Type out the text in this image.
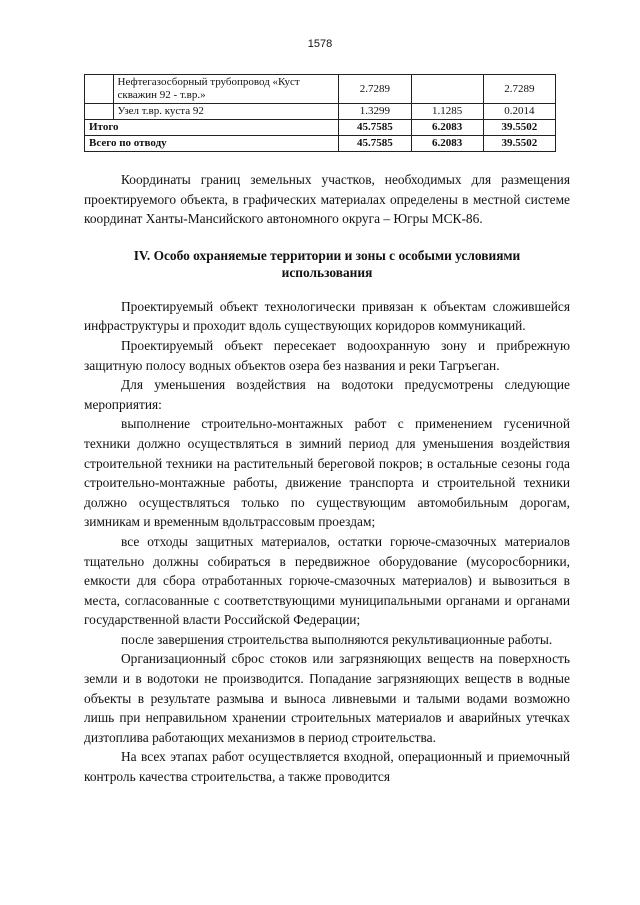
1578
	Нефтегазосборный трубопровод «Куст скважин 92 - т.вр.»	2.7289		2.7289
	Узел т.вр. куста 92	1.3299	1.1285	0.2014
Итого		45.7585	6.2083	39.5502
Всего по отводу		45.7585	6.2083	39.5502

Координаты границ земельных участков, необходимых для размещения проектируемого объекта, в графических материалах определены в местной системе координат Ханты-Мансийского автономного округа – Югры МСК-86.

IV. Особо охраняемые территории и зоны с особыми условиями использования

Проектируемый объект технологически привязан к объектам сложившейся инфраструктуры и проходит вдоль существующих коридоров коммуникаций.

Проектируемый объект пересекает водоохранную зону и прибрежную защитную полосу водных объектов озера без названия и реки Тагръеган.

Для уменьшения воздействия на водотоки предусмотрены следующие мероприятия:

выполнение строительно-монтажных работ с применением гусеничной техники должно осуществляться в зимний период для уменьшения воздействия строительной техники на растительный береговой покров; в остальные сезоны года строительно-монтажные работы, движение транспорта и строительной техники должно осуществляться только по существующим автомобильным дорогам, зимникам и временным вдольтрассовым проездам;

все отходы защитных материалов, остатки горюче-смазочных материалов тщательно должны собираться в передвижное оборудование (мусоросборники, емкости для сбора отработанных горюче-смазочных материалов) и вывозиться в места, согласованные с соответствующими муниципальными органами и органами государственной власти Российской Федерации;

после завершения строительства выполняются рекультивационные работы.

Организационный сброс стоков или загрязняющих веществ на поверхность земли и в водотоки не производится. Попадание загрязняющих веществ в водные объекты в результате размыва и выноса ливневыми и талыми водами возможно лишь при неправильном хранении строительных материалов и аварийных утечках дизтоплива работающих механизмов в период строительства.

На всех этапах работ осуществляется входной, операционный и приемочный контроль качества строительства, а также проводится
